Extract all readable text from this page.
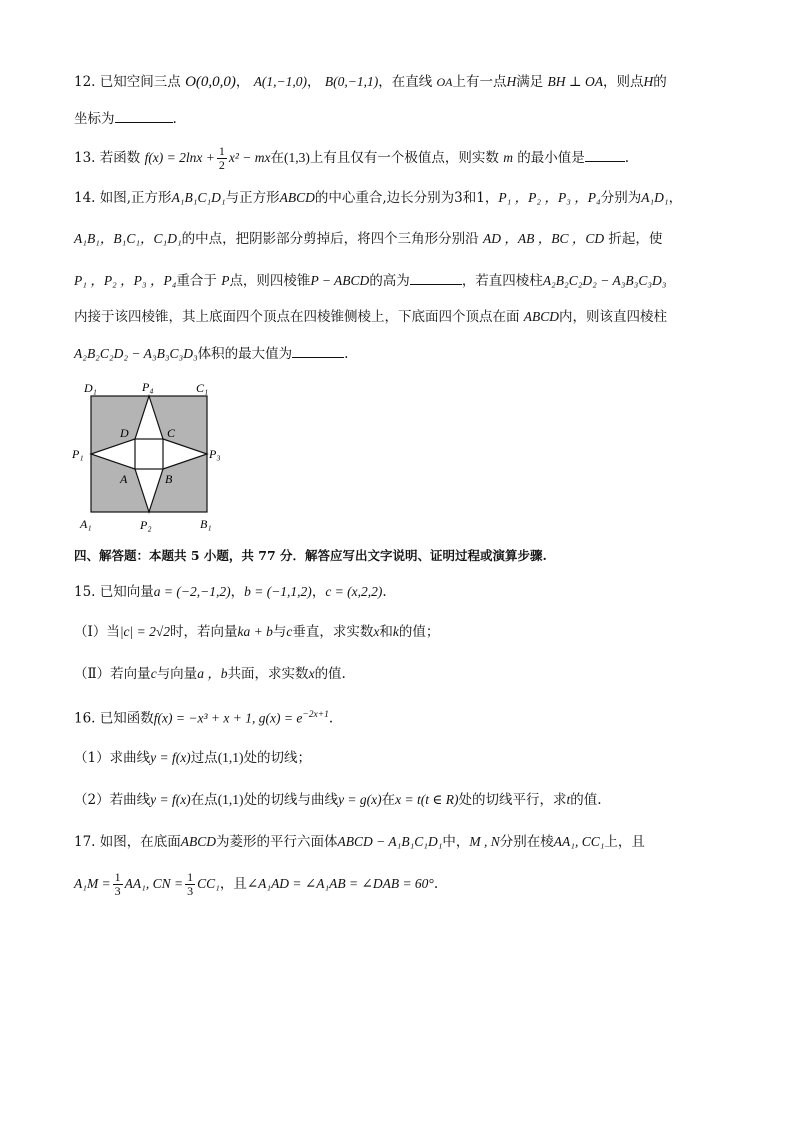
12. 已知空间三点 O(0,0,0)， A(1,−1,0)， B(0,−1,1)，在直线 OA上有一点H满足 BH ⊥ OA，则点H的
坐标为	.
13. 若函数 $f(x) = 2\ln x + \frac{1}{2} x^2$ − mx在(1,3)上有且仅有一个极值点，则实数 m 的最小值是	.
14. 如图,正方形A₁B₁C₁D₁与正方形ABCD的中心重合,边长分别为3和1，P₁ ，P₂ ，P₃ ，P₄分别为A₁D₁，
A₁B₁，B₁C₁，C₁D₁的中点，把阴影部分剪掉后，将四个三角形分别沿 AD ，AB ，BC ，CD 折起，使
P₁ ，P₂ ，P₃ ，P₄重合于 P点，则四棱锥P − ABCD的高为	，若直四棱柱A₂B₂C₂D₂ − A₃B₃C₃D₃
内接于该四棱锥，其上底面四个顶点在四棱锥侧棱上，下底面四个顶点在面 ABCD内，则该直四棱柱
A₂B₂C₂D₂ − A₃B₃C₃D₃体积的最大值为	.
D₁	P₄	C₁
D	C
P₁	P₃
A	B
A₁	P₂	B₁
四、解答题：本题共 5 小题，共 77 分．解答应写出文字说明、证明过程或演算步骤.
15. 已知向量a = (−2,−1,2)，b = (−1,1,2)，c = (x,2,2).
（Ⅰ）当|c| = 2√2时，若向量ka + b与c垂直，求实数x和k的值；
（Ⅱ）若向量c与向量a ，b共面，求实数x的值.
16. 已知函数f(x) = −x³ + x + 1, $g(x) = e^{-2x+1}$.
（1）求曲线y = f(x)过点(1,1)处的切线；
（2）若曲线y = f(x)在点(1,1)处的切线与曲线y = g(x)在x = t(t ∈ R)处的切线平行，求t的值.
17. 如图，在底面ABCD为菱形的平行六面体ABCD − A₁B₁C₁D₁中，M , N分别在棱AA₁, CC₁上，且
$A_1M = \frac{1}{3} AA_1$, CN = $\frac{1}{3} CC_1$，且∠A₁AD = ∠A₁AB = ∠DAB = 60°.
